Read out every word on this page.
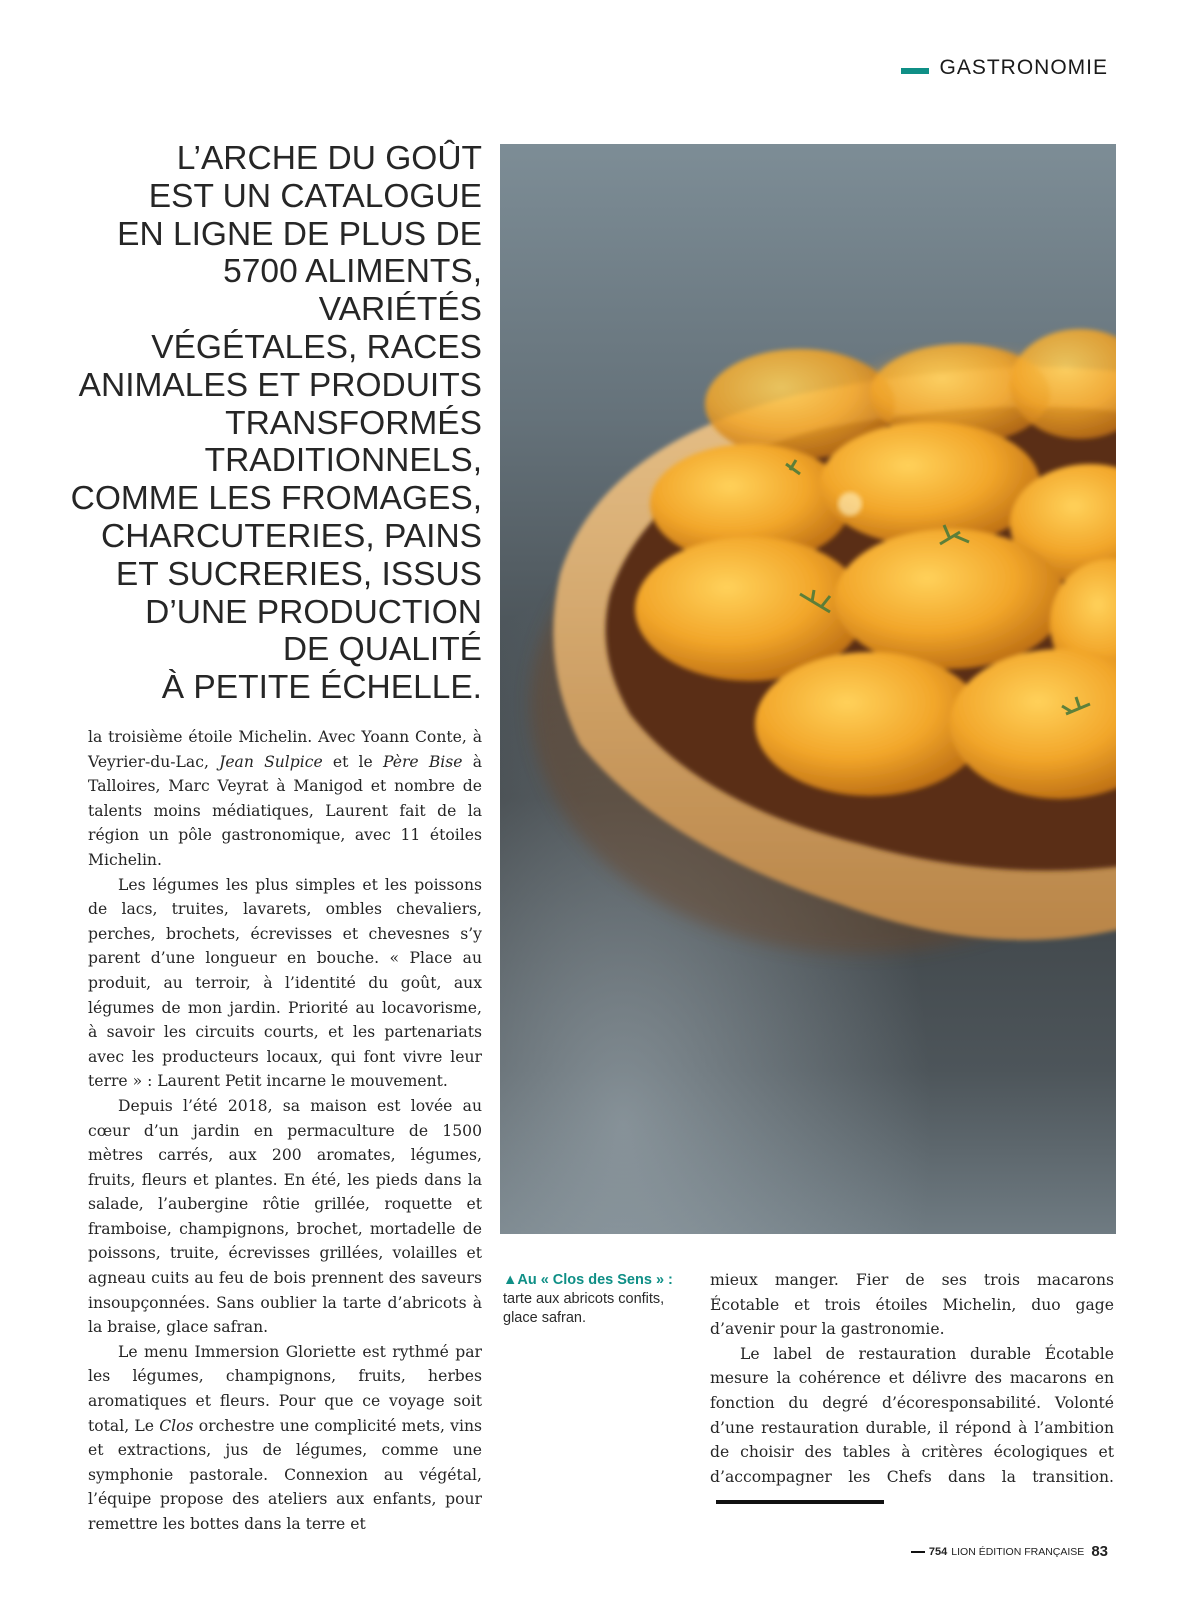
GASTRONOMIE

L’ARCHE DU GOÛT
EST UN CATALOGUE
EN LIGNE DE PLUS DE
5700 ALIMENTS, VARIÉTÉS
VÉGÉTALES, RACES
ANIMALES ET PRODUITS
TRANSFORMÉS
TRADITIONNELS,
COMME LES FROMAGES,
CHARCUTERIES, PAINS
ET SUCRERIES, ISSUS
D’UNE PRODUCTION
DE QUALITÉ
À PETITE ÉCHELLE.

la troisième étoile Michelin. Avec Yoann Conte, à Veyrier-du-Lac, Jean Sulpice et le Père Bise à Talloires, Marc Veyrat à Manigod et nombre de talents moins médiatiques, Laurent fait de la région un pôle gastronomique, avec 11 étoiles Michelin.

Les légumes les plus simples et les poissons de lacs, truites, lavarets, ombles chevaliers, perches, brochets, écrevisses et chevesnes s’y parent d’une longueur en bouche. « Place au produit, au terroir, à l’identité du goût, aux légumes de mon jardin. Priorité au locavorisme, à savoir les circuits courts, et les partenariats avec les producteurs locaux, qui font vivre leur terre » : Laurent Petit incarne le mouvement.

Depuis l’été 2018, sa maison est lovée au cœur d’un jardin en permaculture de 1500 mètres carrés, aux 200 aromates, légumes, fruits, fleurs et plantes. En été, les pieds dans la salade, l’aubergine rôtie grillée, roquette et framboise, champignons, brochet, mortadelle de poissons, truite, écrevisses grillées, volailles et agneau cuits au feu de bois prennent des saveurs insoupçonnées. Sans oublier la tarte d’abricots à la braise, glace safran.

Le menu Immersion Gloriette est rythmé par les légumes, champignons, fruits, herbes aromatiques et fleurs. Pour que ce voyage soit total, Le Clos orchestre une complicité mets, vins et extractions, jus de légumes, comme une symphonie pastorale. Connexion au végétal, l’équipe propose des ateliers aux enfants, pour remettre les bottes dans la terre et

▲Au « Clos des Sens » : tarte aux abricots confits, glace safran.

mieux manger. Fier de ses trois macarons Écotable et trois étoiles Michelin, duo gage d’avenir pour la gastronomie.

Le label de restauration durable Écotable mesure la cohérence et délivre des macarons en fonction du degré d’écoresponsabilité. Volonté d’une restauration durable, il répond à l’ambition de choisir des tables à critères écologiques et d’accompagner les Chefs dans la transition.

754 LION ÉDITION FRANÇAISE 83
